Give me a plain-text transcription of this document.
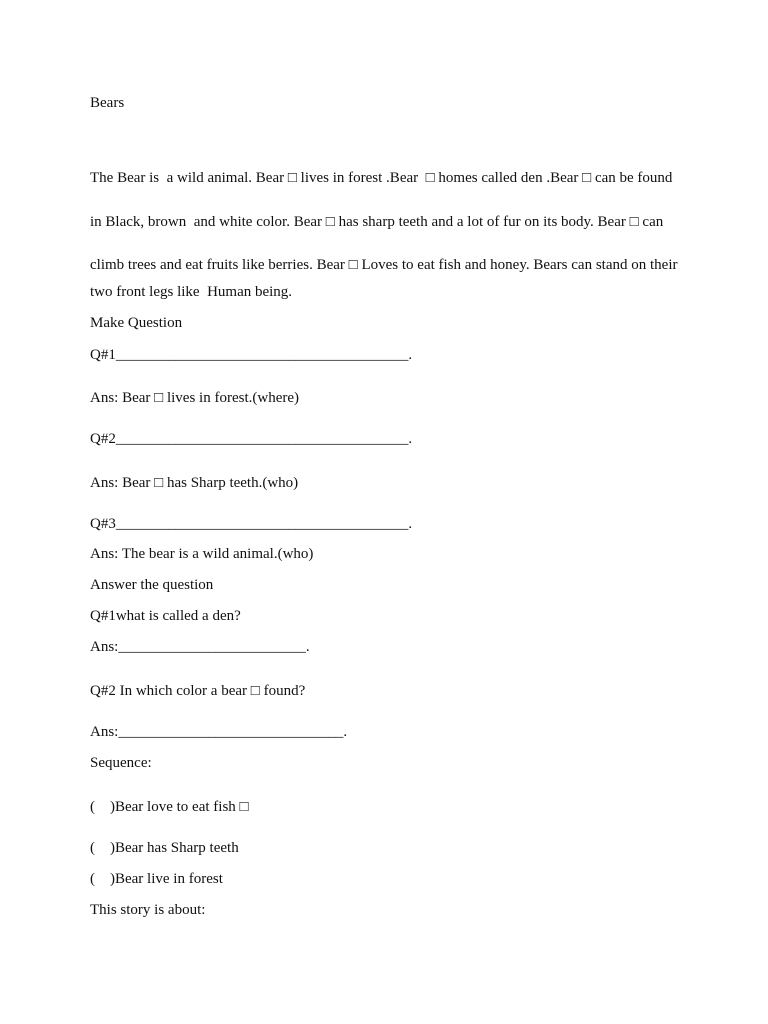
Bears
The Bear is  a wild animal. Bear □ lives in forest .Bear  □ homes called den .Bear □ can be found
in Black, brown  and white color. Bear □ has sharp teeth and a lot of fur on its body. Bear □ can
climb trees and eat fruits like berries. Bear □ Loves to eat fish and honey. Bears can stand on their
two front legs like  Human being.
Make Question
Q#1_______________________________________.
Ans: Bear □ lives in forest.(where)
Q#2_______________________________________.
Ans: Bear □ has Sharp teeth.(who)
Q#3_______________________________________.
Ans: The bear is a wild animal.(who)
Answer the question
Q#1what is called a den?
Ans:_________________________.
Q#2 In which color a bear □ found?
Ans:______________________________.
Sequence:
(    )Bear love to eat fish □
(    )Bear has Sharp teeth
(    )Bear live in forest
This story is about:
